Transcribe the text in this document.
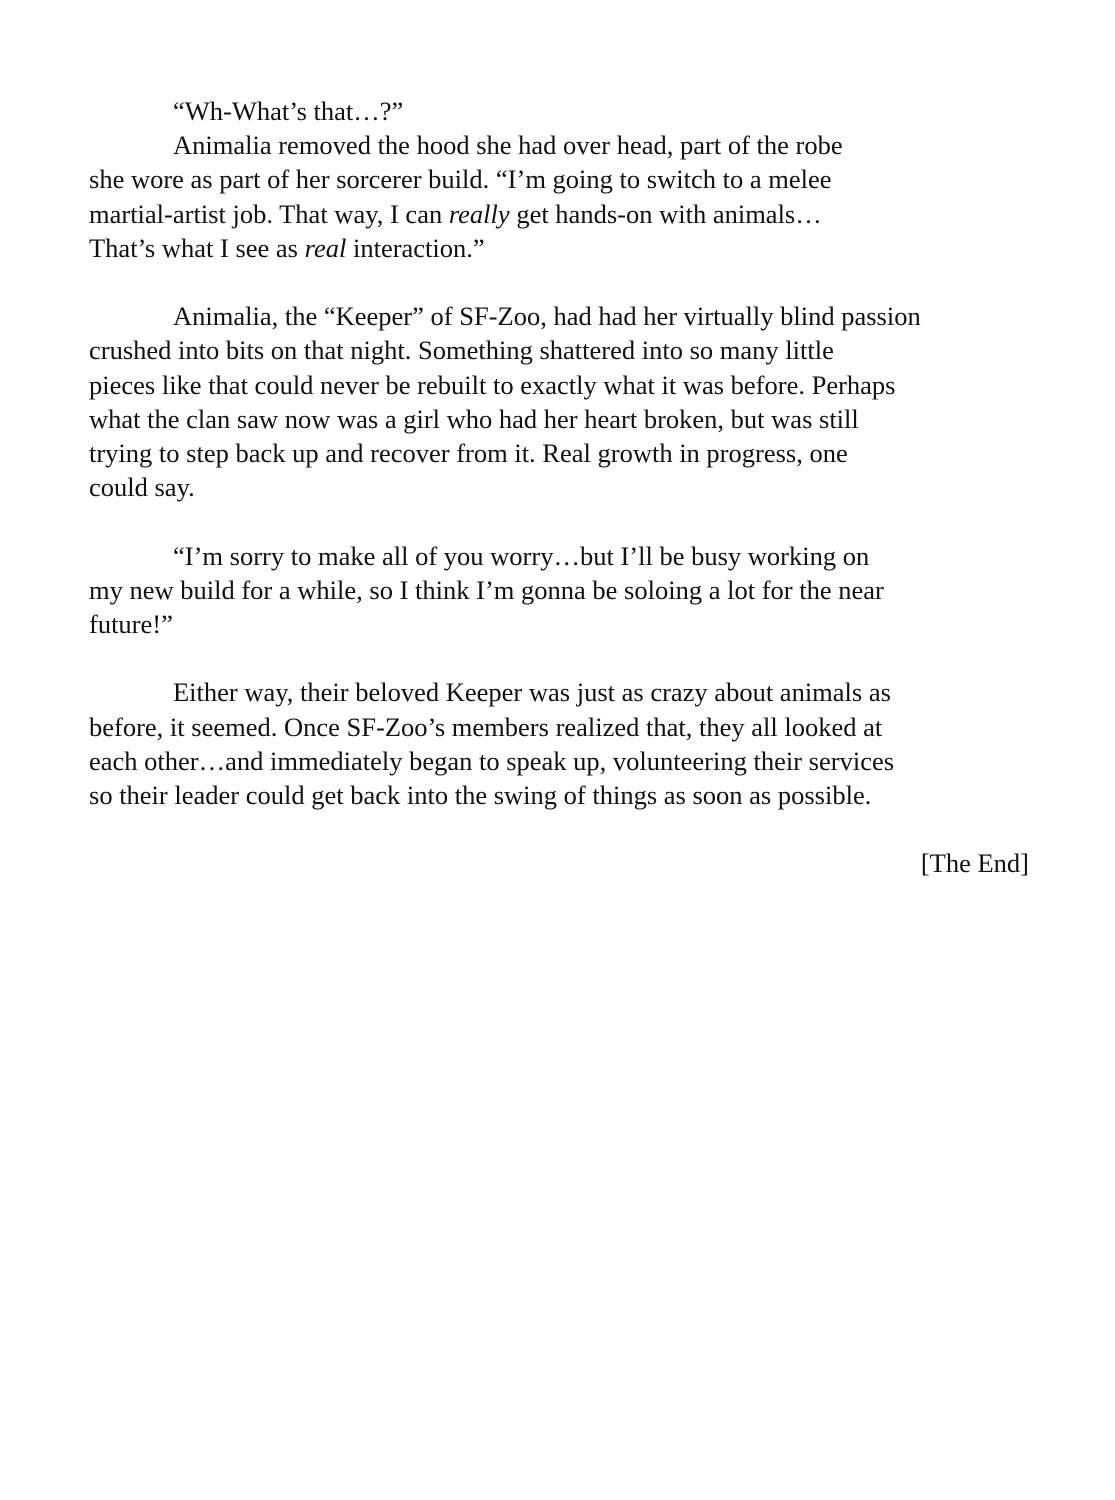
“Wh-What’s that…?”
Animalia removed the hood she had over head, part of the robe
she wore as part of her sorcerer build. “I’m going to switch to a melee
martial-artist job. That way, I can really get hands-on with animals…
That’s what I see as real interaction.”
Animalia, the “Keeper” of SF-Zoo, had had her virtually blind passion
crushed into bits on that night. Something shattered into so many little
pieces like that could never be rebuilt to exactly what it was before. Perhaps
what the clan saw now was a girl who had her heart broken, but was still
trying to step back up and recover from it. Real growth in progress, one
could say.
“I’m sorry to make all of you worry…but I’ll be busy working on
my new build for a while, so I think I’m gonna be soloing a lot for the near
future!”
Either way, their beloved Keeper was just as crazy about animals as
before, it seemed. Once SF-Zoo’s members realized that, they all looked at
each other…and immediately began to speak up, volunteering their services
so their leader could get back into the swing of things as soon as possible.
[The End]
